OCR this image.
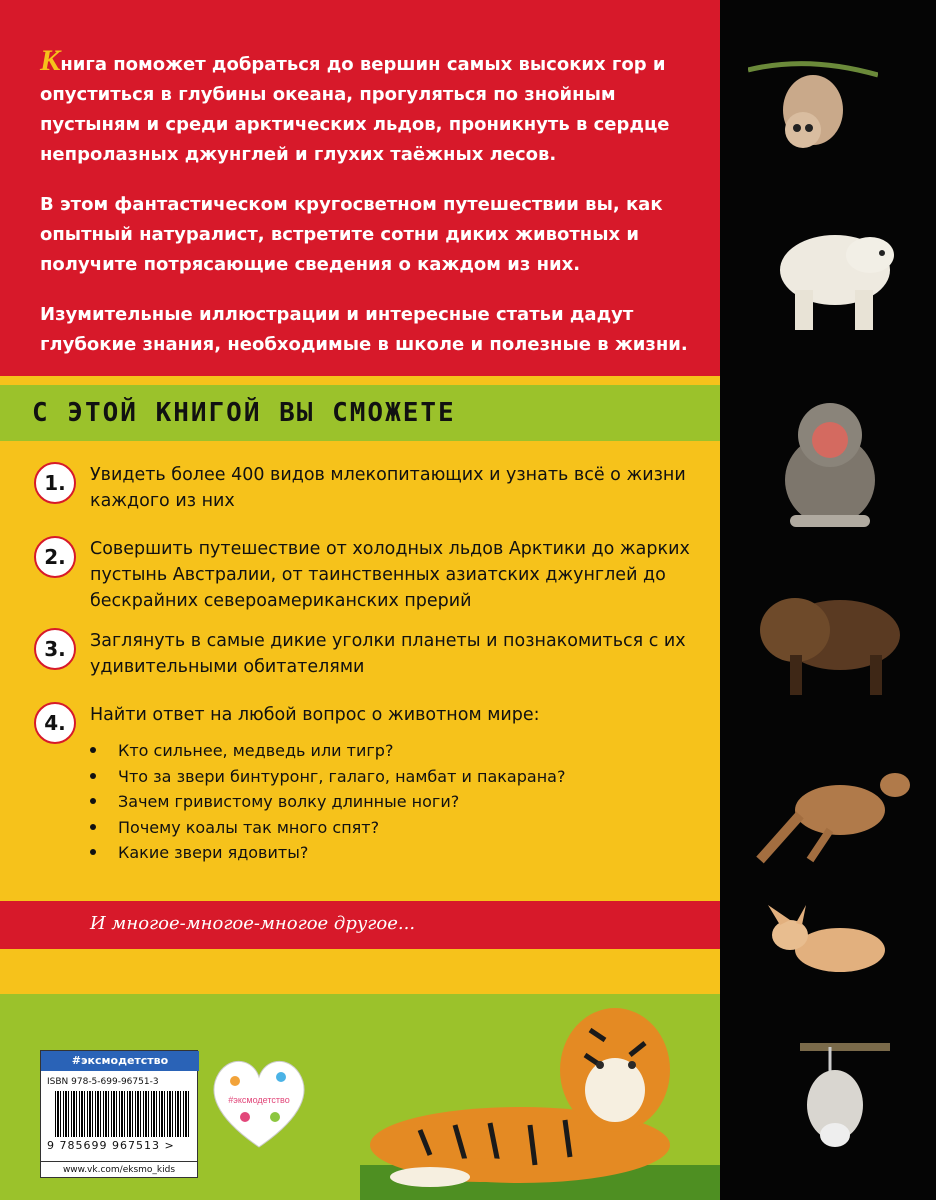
Книга поможет добраться до вершин самых высоких гор и опуститься в глубины океана, прогуляться по знойным пустыням и среди арктических льдов, проникнуть в сердце непролазных джунглей и глухих таёжных лесов.

В этом фантастическом кругосветном путешествии вы, как опытный натуралист, встретите сотни диких животных и получите потрясающие сведения о каждом из них.

Изумительные иллюстрации и интересные статьи дадут глубокие знания, необходимые в школе и полезные в жизни.

С ЭТОЙ КНИГОЙ ВЫ СМОЖЕТЕ
1.	Увидеть более 400 видов млекопитающих и узнать всё о жизни каждого из них
2.	Совершить путешествие от холодных льдов Арктики до жарких пустынь Австралии, от таинственных азиатских джунглей до бескрайних североамериканских прерий
3.	Заглянуть в самые дикие уголки планеты и познакомиться с их удивительными обитателями
4.	Найти ответ на любой вопрос о животном мире:
Кто сильнее, медведь или тигр?
Что за звери бинтуронг, галаго, намбат и пакарана?
Зачем гривистому волку длинные ноги?
Почему коалы так много спят?
Какие звери ядовиты?
И многое-многое-многое другое...
#эксмодетство
ISBN 978-5-699-96751-3
9 785699 967513 >
www.vk.com/eksmo_kids
#эксмодетство
